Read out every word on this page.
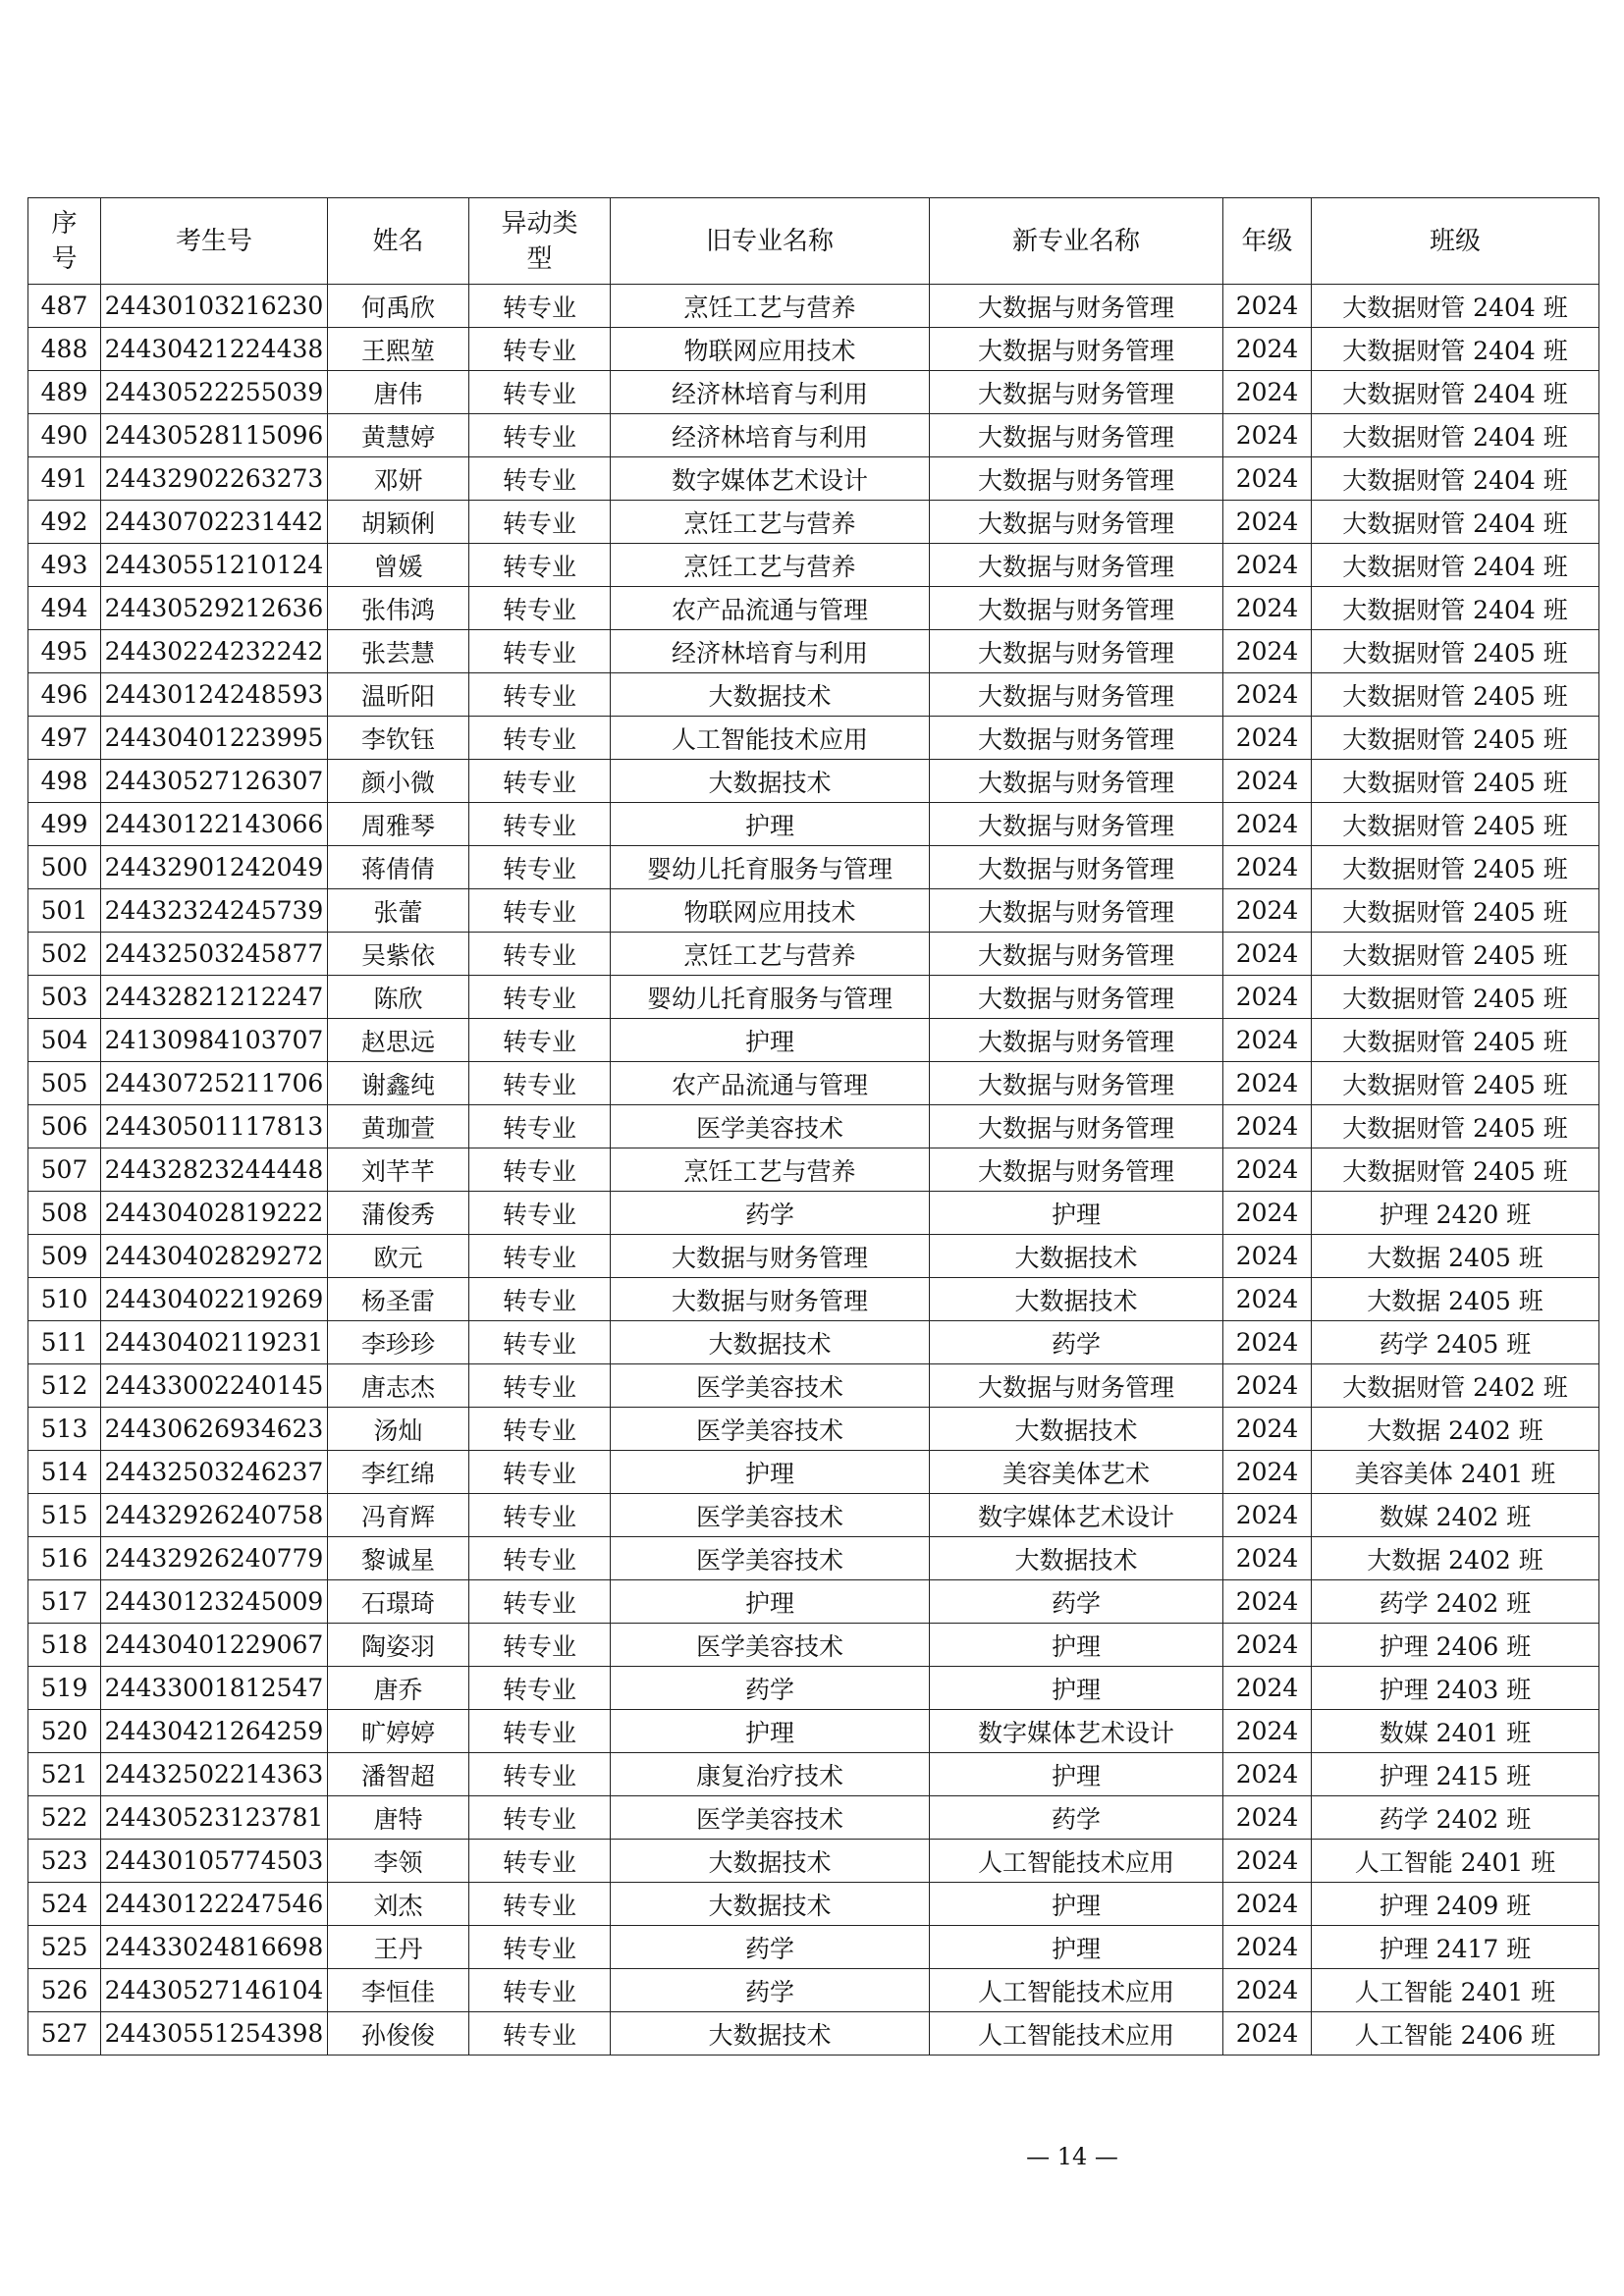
序号	考生号	姓名	异动类型	旧专业名称	新专业名称	年级	班级
487	24430103216230	何禹欣	转专业	烹饪工艺与营养	大数据与财务管理	2024	大数据财管 2404 班
488	24430421224438	王熙堃	转专业	物联网应用技术	大数据与财务管理	2024	大数据财管 2404 班
489	24430522255039	唐伟	转专业	经济林培育与利用	大数据与财务管理	2024	大数据财管 2404 班
490	24430528115096	黄慧婷	转专业	经济林培育与利用	大数据与财务管理	2024	大数据财管 2404 班
491	24432902263273	邓妍	转专业	数字媒体艺术设计	大数据与财务管理	2024	大数据财管 2404 班
492	24430702231442	胡颖俐	转专业	烹饪工艺与营养	大数据与财务管理	2024	大数据财管 2404 班
493	24430551210124	曾媛	转专业	烹饪工艺与营养	大数据与财务管理	2024	大数据财管 2404 班
494	24430529212636	张伟鸿	转专业	农产品流通与管理	大数据与财务管理	2024	大数据财管 2404 班
495	24430224232242	张芸慧	转专业	经济林培育与利用	大数据与财务管理	2024	大数据财管 2405 班
496	24430124248593	温昕阳	转专业	大数据技术	大数据与财务管理	2024	大数据财管 2405 班
497	24430401223995	李钦钰	转专业	人工智能技术应用	大数据与财务管理	2024	大数据财管 2405 班
498	24430527126307	颜小微	转专业	大数据技术	大数据与财务管理	2024	大数据财管 2405 班
499	24430122143066	周雅琴	转专业	护理	大数据与财务管理	2024	大数据财管 2405 班
500	24432901242049	蒋倩倩	转专业	婴幼儿托育服务与管理	大数据与财务管理	2024	大数据财管 2405 班
501	24432324245739	张蕾	转专业	物联网应用技术	大数据与财务管理	2024	大数据财管 2405 班
502	24432503245877	吴紫依	转专业	烹饪工艺与营养	大数据与财务管理	2024	大数据财管 2405 班
503	24432821212247	陈欣	转专业	婴幼儿托育服务与管理	大数据与财务管理	2024	大数据财管 2405 班
504	24130984103707	赵思远	转专业	护理	大数据与财务管理	2024	大数据财管 2405 班
505	24430725211706	谢鑫纯	转专业	农产品流通与管理	大数据与财务管理	2024	大数据财管 2405 班
506	24430501117813	黄珈萱	转专业	医学美容技术	大数据与财务管理	2024	大数据财管 2405 班
507	24432823244448	刘芊芊	转专业	烹饪工艺与营养	大数据与财务管理	2024	大数据财管 2405 班
508	24430402819222	蒲俊秀	转专业	药学	护理	2024	护理 2420 班
509	24430402829272	欧元	转专业	大数据与财务管理	大数据技术	2024	大数据 2405 班
510	24430402219269	杨圣雷	转专业	大数据与财务管理	大数据技术	2024	大数据 2405 班
511	24430402119231	李珍珍	转专业	大数据技术	药学	2024	药学 2405 班
512	24433002240145	唐志杰	转专业	医学美容技术	大数据与财务管理	2024	大数据财管 2402 班
513	24430626934623	汤灿	转专业	医学美容技术	大数据技术	2024	大数据 2402 班
514	24432503246237	李红绵	转专业	护理	美容美体艺术	2024	美容美体 2401 班
515	24432926240758	冯育辉	转专业	医学美容技术	数字媒体艺术设计	2024	数媒 2402 班
516	24432926240779	黎诚星	转专业	医学美容技术	大数据技术	2024	大数据 2402 班
517	24430123245009	石璟琦	转专业	护理	药学	2024	药学 2402 班
518	24430401229067	陶姿羽	转专业	医学美容技术	护理	2024	护理 2406 班
519	24433001812547	唐乔	转专业	药学	护理	2024	护理 2403 班
520	24430421264259	旷婷婷	转专业	护理	数字媒体艺术设计	2024	数媒 2401 班
521	24432502214363	潘智超	转专业	康复治疗技术	护理	2024	护理 2415 班
522	24430523123781	唐特	转专业	医学美容技术	药学	2024	药学 2402 班
523	24430105774503	李领	转专业	大数据技术	人工智能技术应用	2024	人工智能 2401 班
524	24430122247546	刘杰	转专业	大数据技术	护理	2024	护理 2409 班
525	24433024816698	王丹	转专业	药学	护理	2024	护理 2417 班
526	24430527146104	李恒佳	转专业	药学	人工智能技术应用	2024	人工智能 2401 班
527	24430551254398	孙俊俊	转专业	大数据技术	人工智能技术应用	2024	人工智能 2406 班
— 14 —
